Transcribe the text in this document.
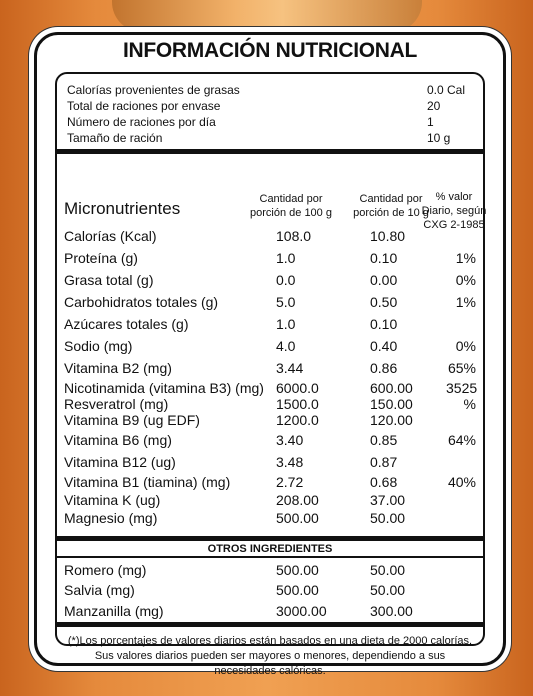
INFORMACIÓN NUTRICIONAL
Calorías provenientes de grasas	0.0 Cal
Total de raciones por envase	20
Número de raciones por día	1
Tamaño de ración	10 g
Micronutrientes	Cantidad por porción de 100 g
Cantidad por porción de 10 g
% valor Diario, según CXG 2-1985
Calorías (Kcal)	108.0	10.80
Proteína (g)	1.0	0.10	1%
Grasa total (g)	0.0	0.00	0%
Carbohidratos totales (g)	5.0	0.50	1%
Azúcares totales (g)	1.0	0.10
Sodio (mg)	4.0	0.40	0%
Vitamina B2 (mg)	3.44	0.86	65%
Nicotinamida (vitamina B3) (mg) 6000.0	600.00 3525 %
Resveratrol (mg)	1500.0	150.00
Vitamina B9 (ug EDF)	1200.0	120.00
Vitamina B6 (mg)	3.40	0.85	64%
Vitamina B12 (ug)	3.48	0.87
Vitamina B1 (tiamina) (mg)	2.72	0.68	40%
Vitamina K (ug)	208.00	37.00
Magnesio (mg)	500.00	50.00
OTROS INGREDIENTES
Romero (mg)	500.00	50.00
Salvia (mg)	500.00	50.00
Manzanilla (mg)	3000.00	300.00
(*)Los porcentajes de valores diarios están basados en una dieta de 2000 calorías. Sus valores diarios pueden ser mayores o menores, dependiendo a sus necesidades calóricas.
